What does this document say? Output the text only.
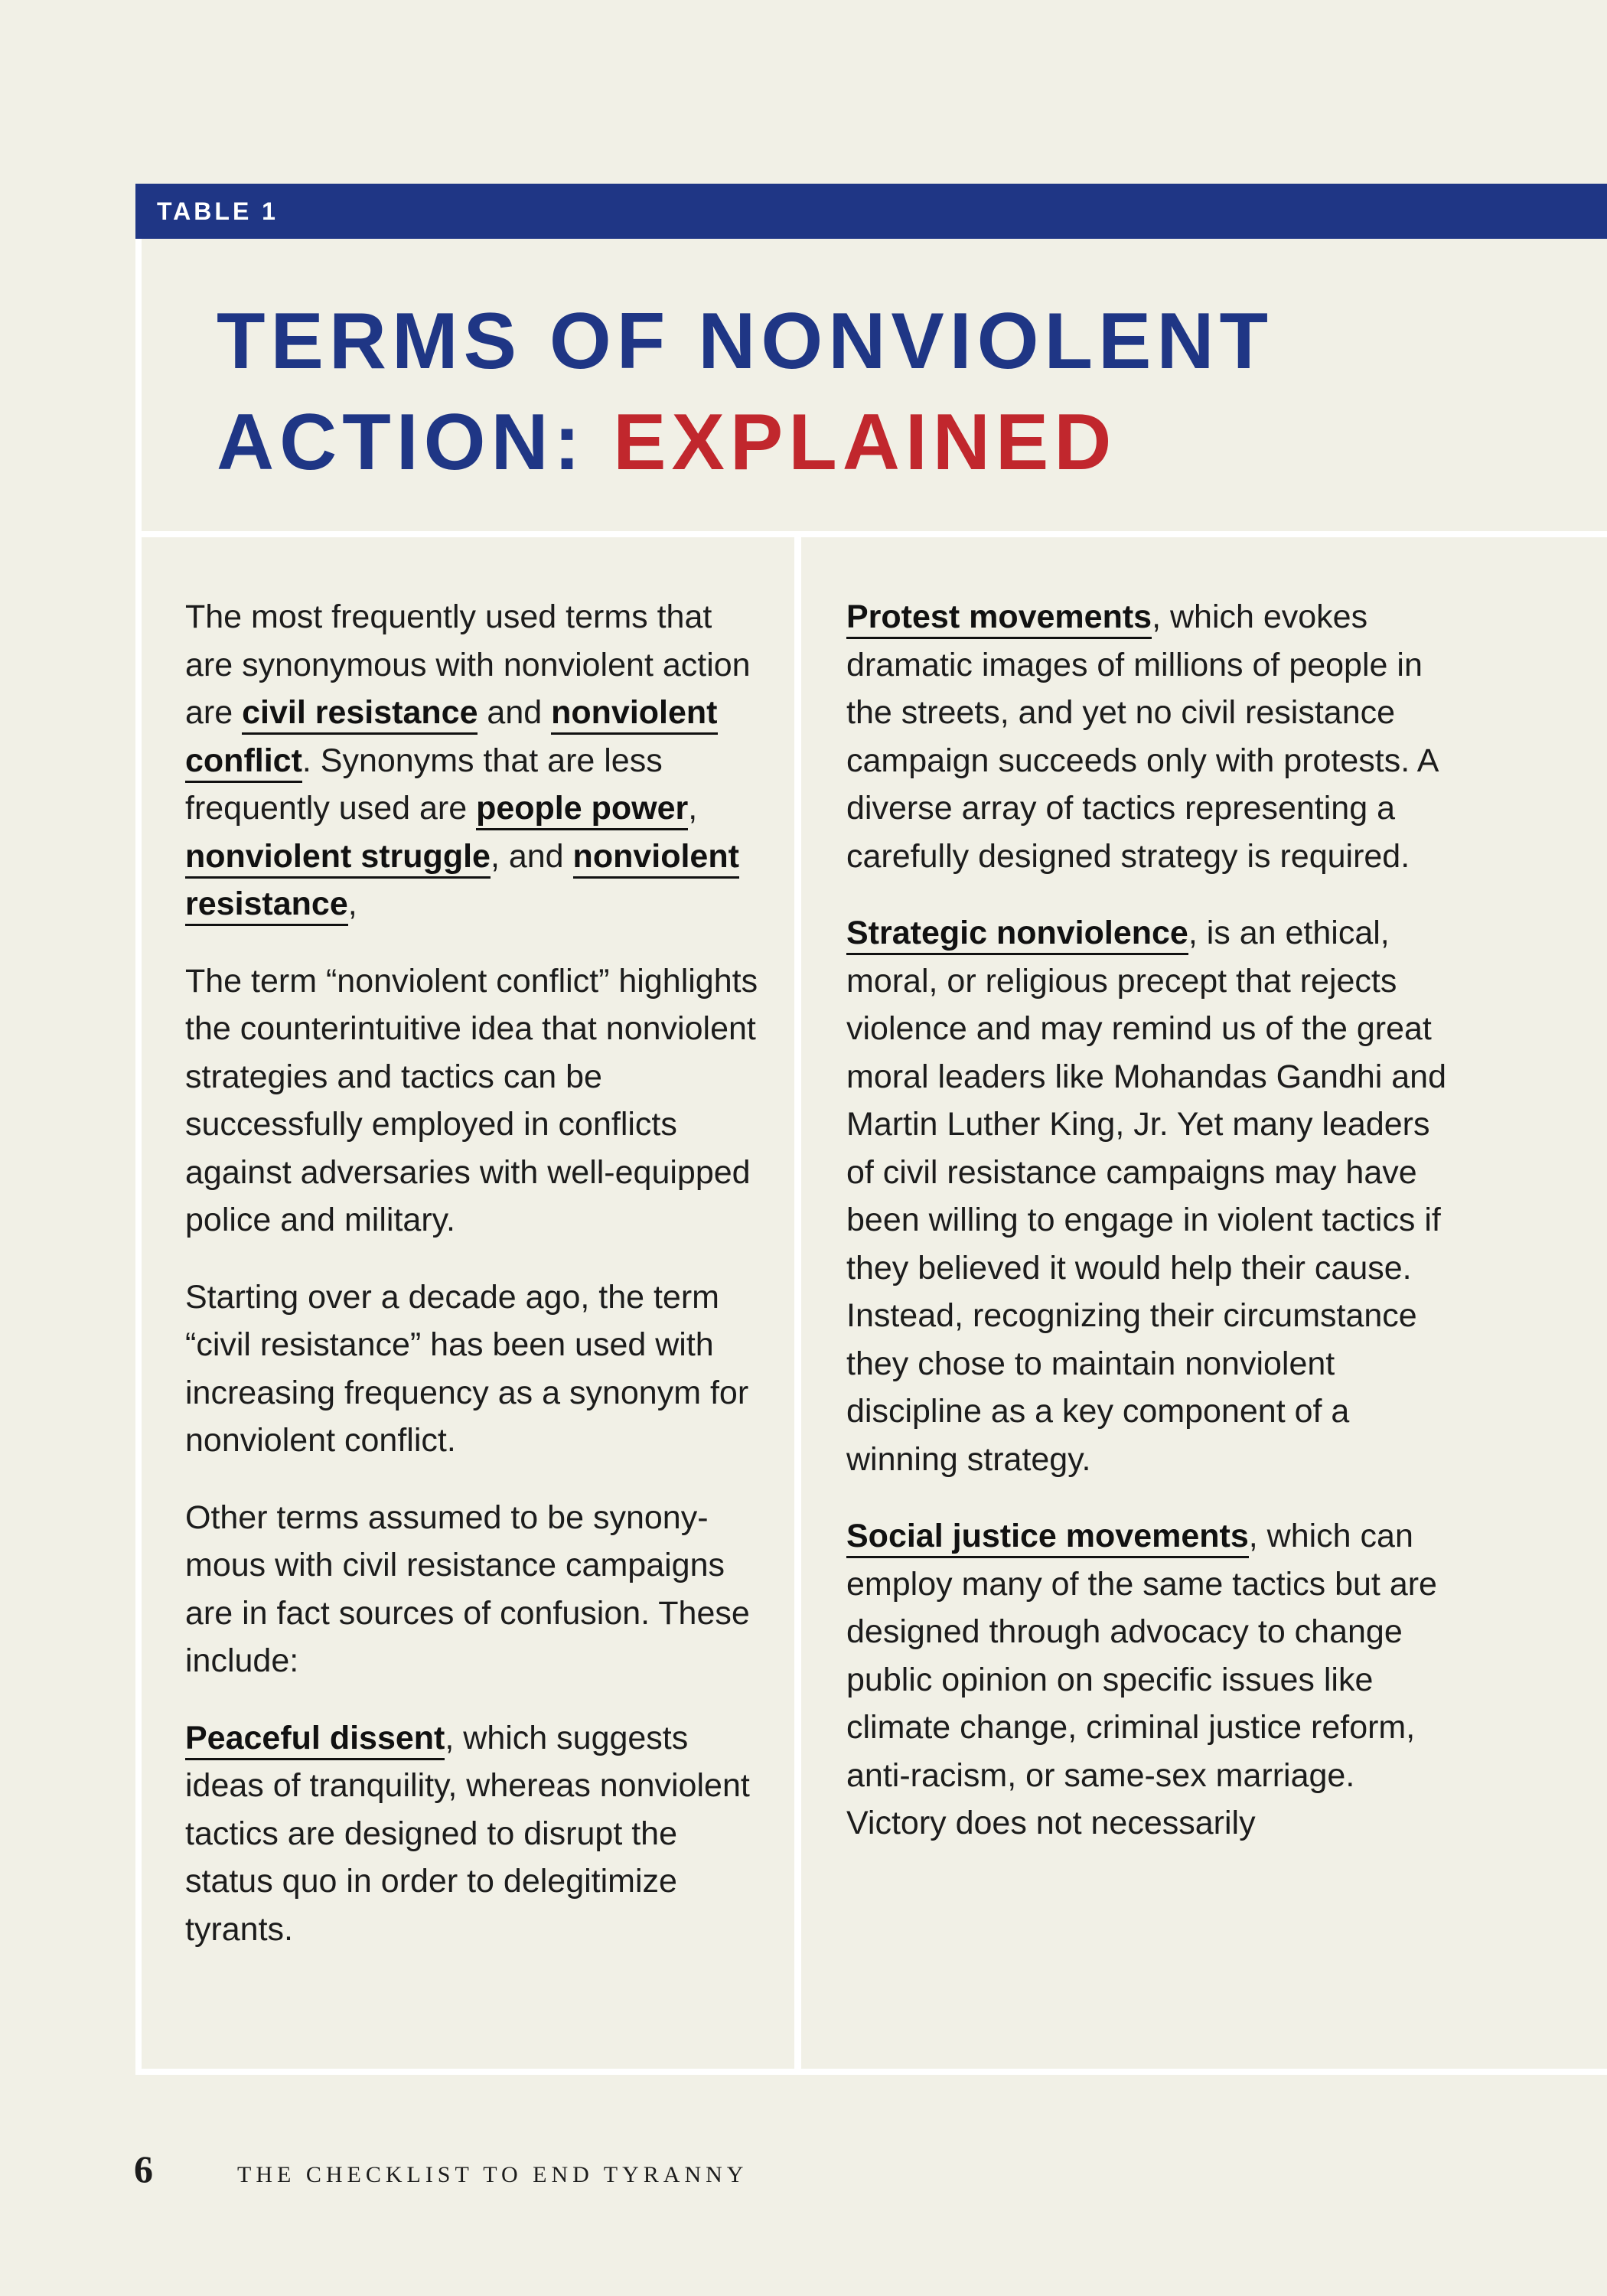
TABLE 1
TERMS OF NONVIOLENT
ACTION: EXPLAINED

The most frequently used terms that are synonymous with nonviolent action are civil resistance and nonviolent conflict. Synonyms that are less frequently used are people power, nonviolent struggle, and nonviolent resistance,

The term “nonviolent conflict” highlights the counterintuitive idea that nonviolent strategies and tactics can be successfully employed in conflicts against adversaries with well-equipped police and military.

Starting over a decade ago, the term “civil resistance” has been used with increasing frequency as a synonym for nonviolent conflict.

Other terms assumed to be synonymous with civil resistance campaigns are in fact sources of confusion. These include:

Peaceful dissent, which suggests ideas of tranquility, whereas nonviolent tactics are designed to disrupt the status quo in order to delegitimize tyrants.

Protest movements, which evokes dramatic images of millions of people in the streets, and yet no civil resistance campaign succeeds only with protests. A diverse array of tactics representing a carefully designed strategy is required.

Strategic nonviolence, is an ethical, moral, or religious precept that rejects violence and may remind us of the great moral leaders like Mohandas Gandhi and Martin Luther King, Jr. Yet many leaders of civil resistance campaigns may have been willing to engage in violent tactics if they believed it would help their cause. Instead, recognizing their circumstance they chose to maintain nonviolent discipline as a key component of a winning strategy.

Social justice movements, which can employ many of the same tactics but are designed through advocacy to change public opinion on specific issues like climate change, criminal justice reform, anti-racism, or same-sex marriage. Victory does not necessarily

6	THE CHECKLIST TO END TYRANNY
